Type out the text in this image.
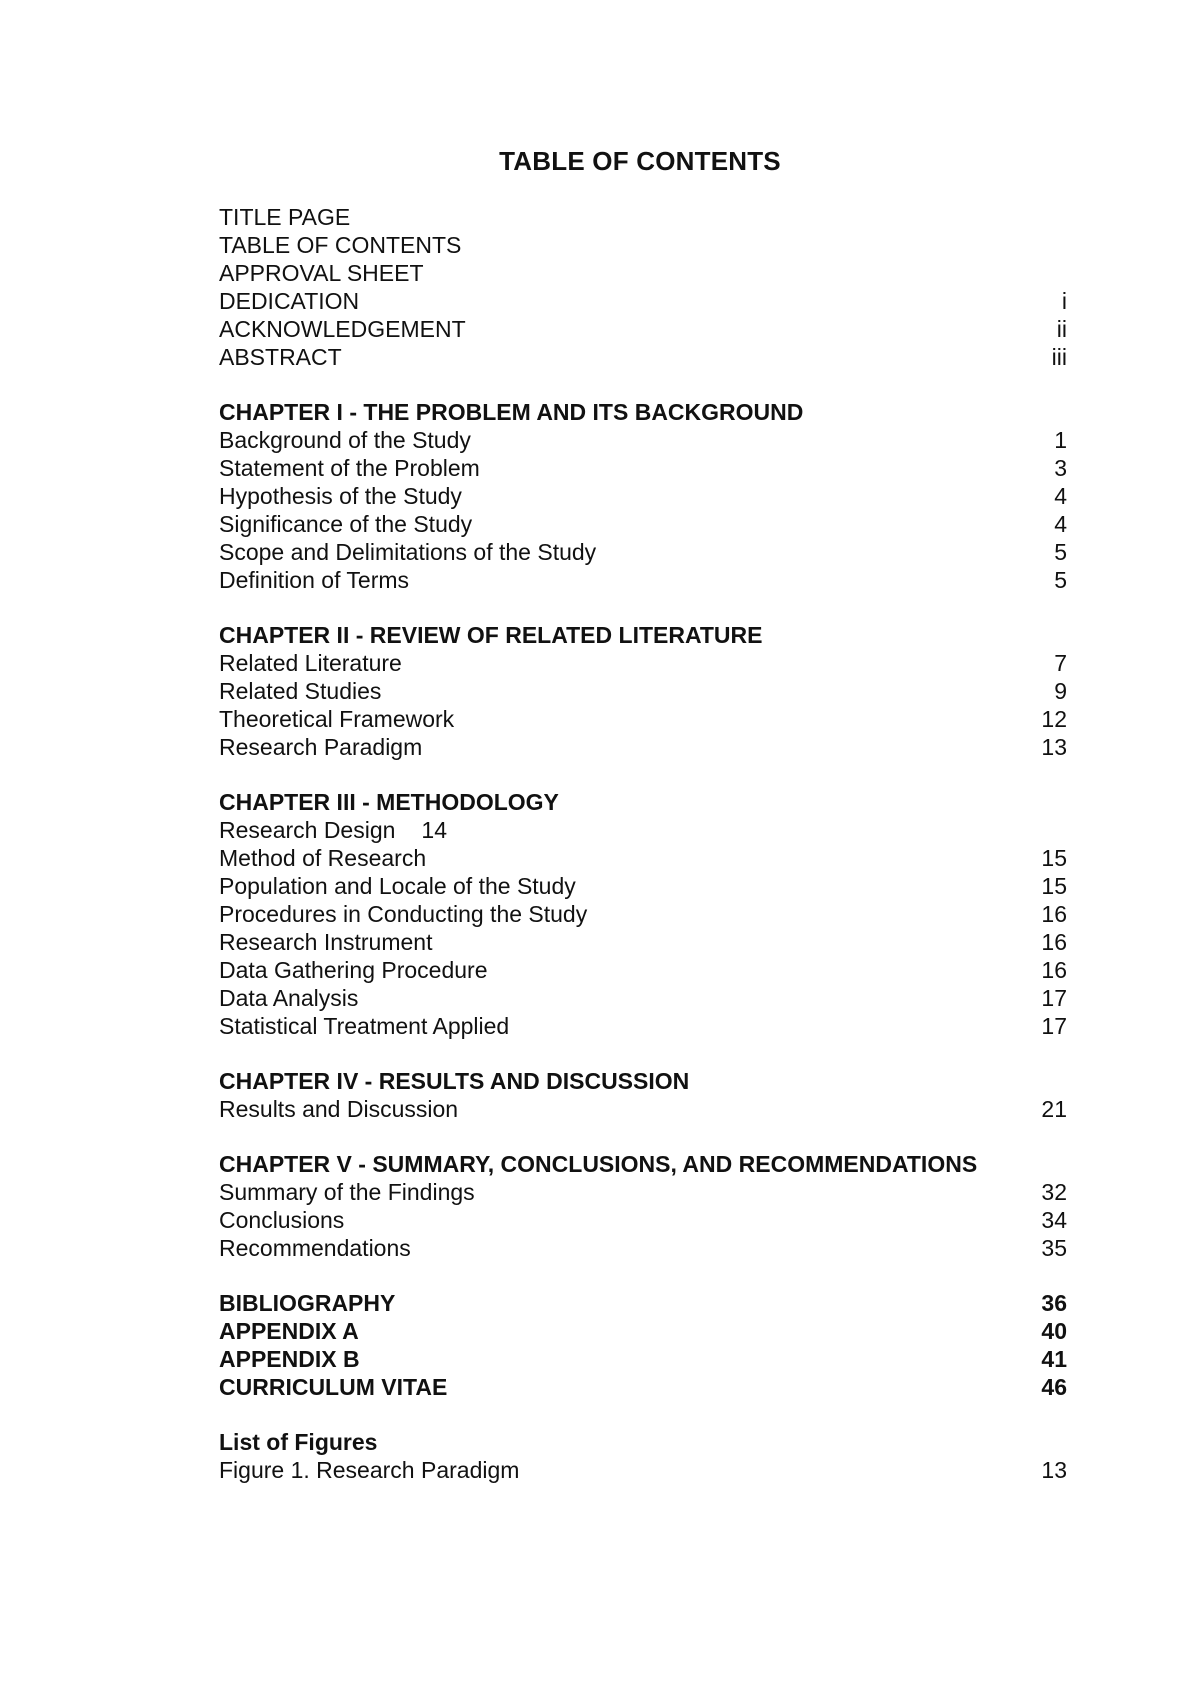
TABLE OF CONTENTS
TITLE PAGE
TABLE OF CONTENTS
APPROVAL SHEET
DEDICATION	i
ACKNOWLEDGEMENT	ii
ABSTRACT	iii
CHAPTER I - THE PROBLEM AND ITS BACKGROUND
Background of the Study	1
Statement of the Problem	3
Hypothesis of the Study	4
Significance of the Study	4
Scope and Delimitations of the Study	5
Definition of Terms	5
CHAPTER II - REVIEW OF RELATED LITERATURE
Related Literature	7
Related Studies	9
Theoretical Framework	12
Research Paradigm	13
CHAPTER III - METHODOLOGY
Research Design 14
Method of Research	15
Population and Locale of the Study	15
Procedures in Conducting the Study	16
Research Instrument	16
Data Gathering Procedure	16
Data Analysis	17
Statistical Treatment Applied	17
CHAPTER IV - RESULTS AND DISCUSSION
Results and Discussion	21
CHAPTER V - SUMMARY, CONCLUSIONS, AND RECOMMENDATIONS
Summary of the Findings	32
Conclusions	34
Recommendations	35
BIBLIOGRAPHY	36
APPENDIX A	40
APPENDIX B	41
CURRICULUM VITAE	46
List of Figures
Figure 1. Research Paradigm	13
